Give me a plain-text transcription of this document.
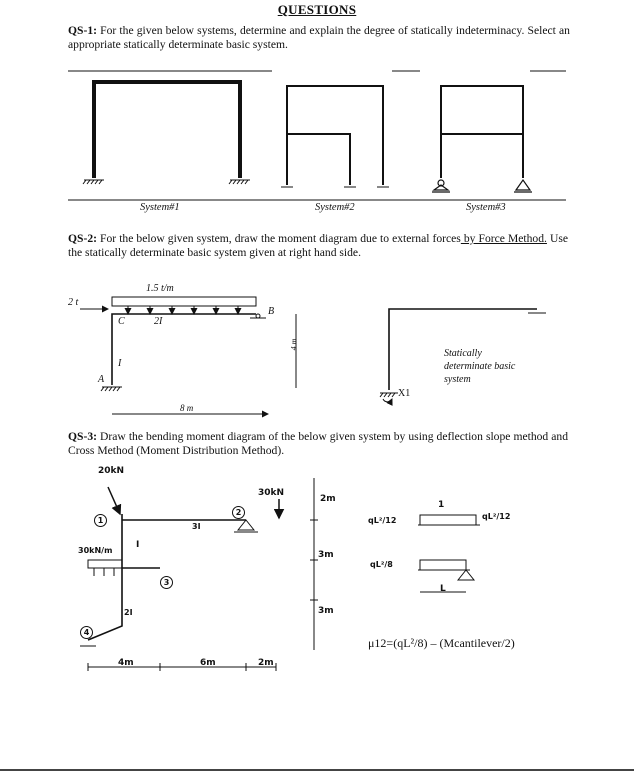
QUESTIONS
QS-1: For the given below systems, determine and explain the degree of statically indeterminacy. Select an appropriate statically determinate basic system.
System#1	System#2	System#3
QS-2: For the below given system, draw the moment diagram due to external forces by Force Method. Use the statically determinate basic system given at right hand side.
1.5 t/m
2 t
C	2I
I
A
B
4 m
8 m
Statically
determinate basic
system
X1
QS-3: Draw the bending moment diagram of the below given system by using deflection slope method and Cross Method (Moment Distribution Method).
20kN
30kN
30kN/m
1
2
3
4
3I
I
2I
2m
3m
3m
4m	6m	2m
1
qL²/12	qL²/12
qL²/8
L
μ12=(qL²/8) – (Mcantilever/2)
